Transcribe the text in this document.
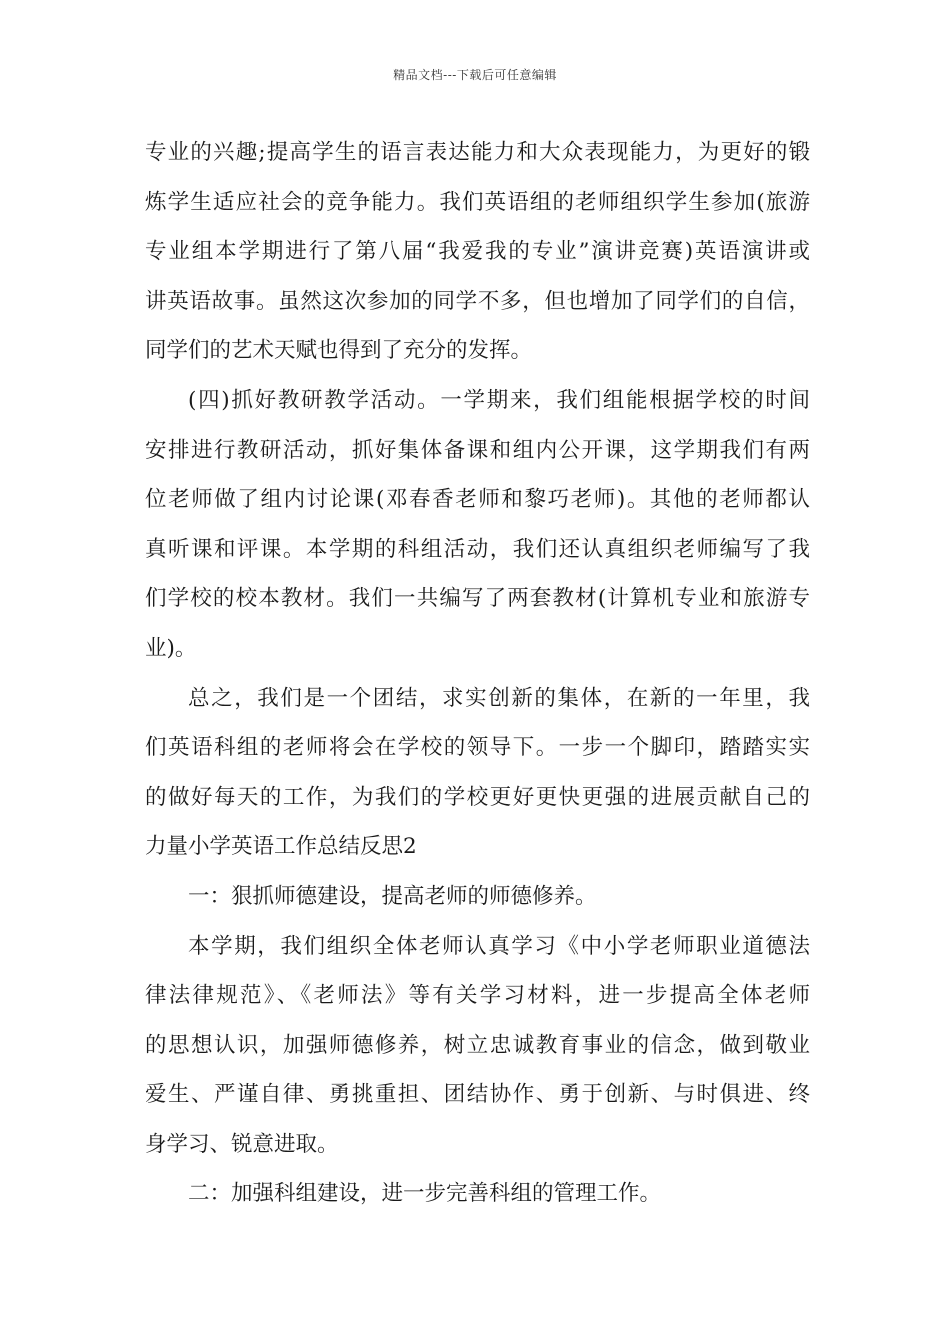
精品文档---下载后可任意编辑
专业的兴趣;提高学生的语言表达能力和大众表现能力，为更好的锻
炼学生适应社会的竞争能力。我们英语组的老师组织学生参加(旅游
专业组本学期进行了第八届“我爱我的专业”演讲竞赛)英语演讲或
讲英语故事。虽然这次参加的同学不多，但也增加了同学们的自信，
同学们的艺术天赋也得到了充分的发挥。
(四)抓好教研教学活动。一学期来，我们组能根据学校的时间
安排进行教研活动，抓好集体备课和组内公开课，这学期我们有两
位老师做了组内讨论课(邓春香老师和黎巧老师)。其他的老师都认
真听课和评课。本学期的科组活动，我们还认真组织老师编写了我
们学校的校本教材。我们一共编写了两套教材(计算机专业和旅游专
业)。
总之，我们是一个团结，求实创新的集体，在新的一年里，我
们英语科组的老师将会在学校的领导下。一步一个脚印，踏踏实实
的做好每天的工作，为我们的学校更好更快更强的进展贡献自己的
力量小学英语工作总结反思2
一：狠抓师德建设，提高老师的师德修养。
本学期，我们组织全体老师认真学习《中小学老师职业道德法
律法律规范》、《老师法》等有关学习材料，进一步提高全体老师
的思想认识，加强师德修养，树立忠诚教育事业的信念，做到敬业
爱生、严谨自律、勇挑重担、团结协作、勇于创新、与时俱进、终
身学习、锐意进取。
二：加强科组建设，进一步完善科组的管理工作。
